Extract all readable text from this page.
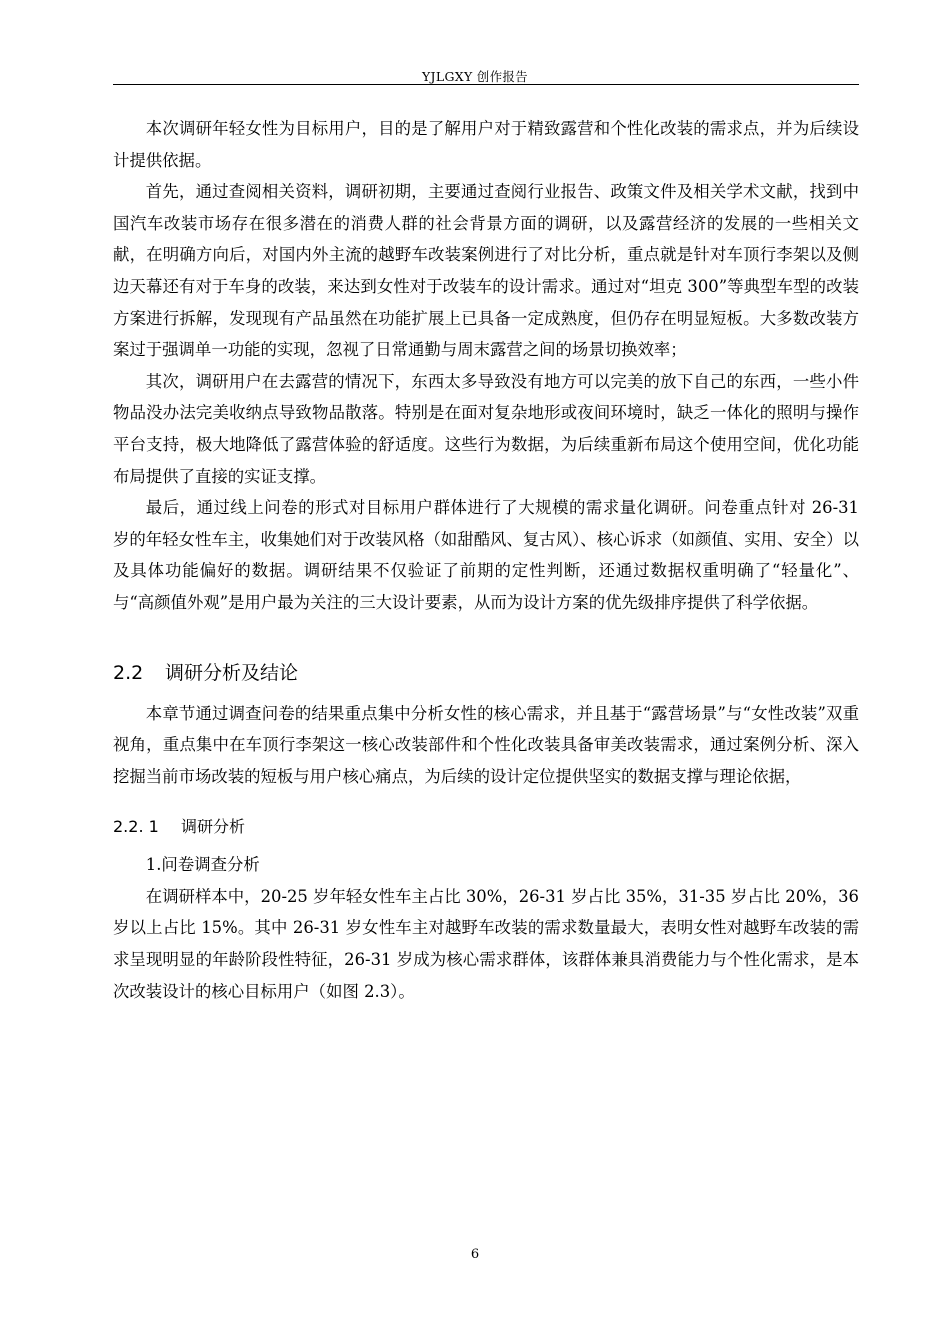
YJLGXY 创作报告

本次调研年轻女性为目标用户，目的是了解用户对于精致露营和个性化改装的需求点，并为后续设计提供依据。

首先，通过查阅相关资料，调研初期，主要通过查阅行业报告、政策文件及相关学术文献，找到中国汽车改装市场存在很多潜在的消费人群的社会背景方面的调研，以及露营经济的发展的一些相关文献，在明确方向后，对国内外主流的越野车改装案例进行了对比分析，重点就是针对车顶行李架以及侧边天幕还有对于车身的改装，来达到女性对于改装车的设计需求。通过对“坦克 300”等典型车型的改装方案进行拆解，发现现有产品虽然在功能扩展上已具备一定成熟度，但仍存在明显短板。大多数改装方案过于强调单一功能的实现，忽视了日常通勤与周末露营之间的场景切换效率；

其次，调研用户在去露营的情况下，东西太多导致没有地方可以完美的放下自己的东西，一些小件物品没办法完美收纳点导致物品散落。特别是在面对复杂地形或夜间环境时，缺乏一体化的照明与操作平台支持，极大地降低了露营体验的舒适度。这些行为数据，为后续重新布局这个使用空间，优化功能布局提供了直接的实证支撑。

最后，通过线上问卷的形式对目标用户群体进行了大规模的需求量化调研。问卷重点针对 26-31 岁的年轻女性车主，收集她们对于改装风格（如甜酷风、复古风）、核心诉求（如颜值、实用、安全）以及具体功能偏好的数据。调研结果不仅验证了前期的定性判断，还通过数据权重明确了“轻量化”、与“高颜值外观”是用户最为关注的三大设计要素，从而为设计方案的优先级排序提供了科学依据。

2.2 调研分析及结论

本章节通过调查问卷的结果重点集中分析女性的核心需求，并且基于“露营场景”与“女性改装”双重视角，重点集中在车顶行李架这一核心改装部件和个性化改装具备审美改装需求，通过案例分析、深入挖掘当前市场改装的短板与用户核心痛点，为后续的设计定位提供坚实的数据支撑与理论依据，

2.2. 1 调研分析

1.问卷调查分析

在调研样本中，20-25 岁年轻女性车主占比 30%，26-31 岁占比 35%，31-35 岁占比 20%，36 岁以上占比 15%。其中 26-31 岁女性车主对越野车改装的需求数量最大，表明女性对越野车改装的需求呈现明显的年龄阶段性特征，26-31 岁成为核心需求群体，该群体兼具消费能力与个性化需求，是本次改装设计的核心目标用户（如图 2.3）。

6
